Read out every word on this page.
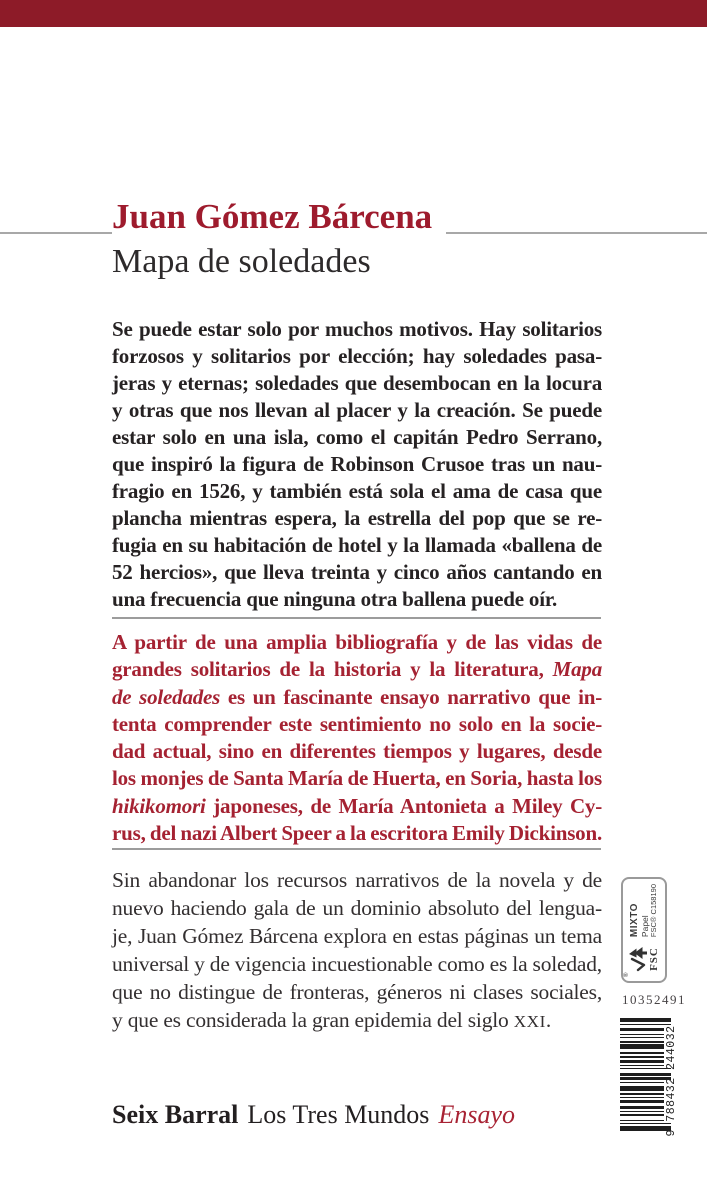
Juan Gómez Bárcena
Mapa de soledades
Se puede estar solo por muchos motivos. Hay solitarios
forzosos y solitarios por elección; hay soledades pasa-
jeras y eternas; soledades que desembocan en la locura
y otras que nos llevan al placer y la creación. Se puede
estar solo en una isla, como el capitán Pedro Serrano,
que inspiró la figura de Robinson Crusoe tras un nau-
fragio en 1526, y también está sola el ama de casa que
plancha mientras espera, la estrella del pop que se re-
fugia en su habitación de hotel y la llamada «ballena de
52 hercios», que lleva treinta y cinco años cantando en
una frecuencia que ninguna otra ballena puede oír.
A partir de una amplia bibliografía y de las vidas de
grandes solitarios de la historia y la literatura, Mapa
de soledades es un fascinante ensayo narrativo que in-
tenta comprender este sentimiento no solo en la socie-
dad actual, sino en diferentes tiempos y lugares, desde
los monjes de Santa María de Huerta, en Soria, hasta los
hikikomori japoneses, de María Antonieta a Miley Cy-
rus, del nazi Albert Speer a la escritora Emily Dickinson.
Sin abandonar los recursos narrativos de la novela y de
nuevo haciendo gala de un dominio absoluto del lengua-
je, Juan Gómez Bárcena explora en estas páginas un tema
universal y de vigencia incuestionable como es la soledad,
que no distingue de fronteras, géneros ni clases sociales,
y que es considerada la gran epidemia del siglo XXI.
Seix Barral Los Tres Mundos Ensayo
®
FSC
MIXTO Papel FSC® C158190
10352491
9 788432 244032
